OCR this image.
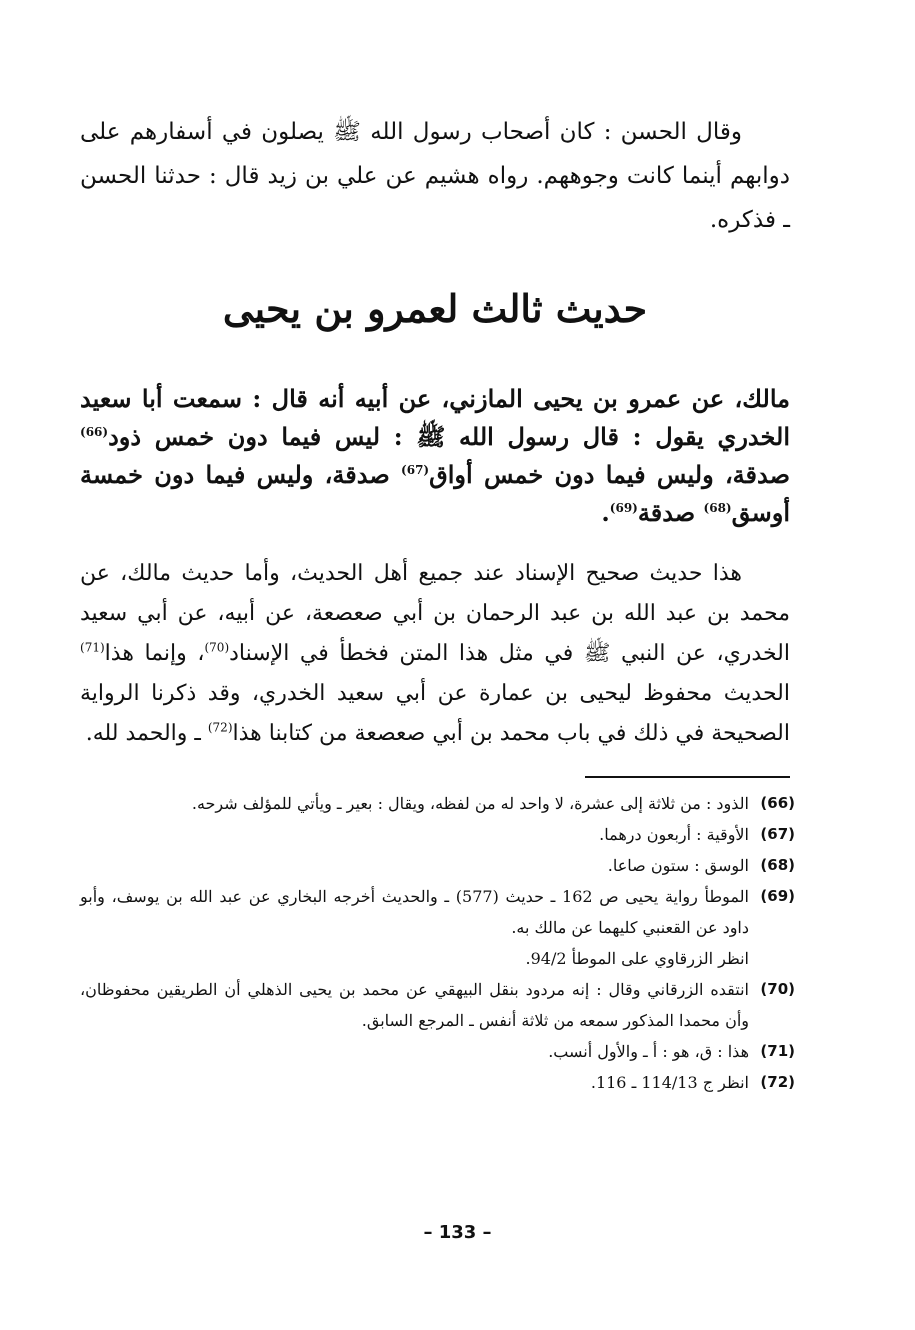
وقال الحسن : كان أصحاب رسول الله ﷺ يصلون في أسفارهم على دوابهم أينما كانت وجوههم. رواه هشيم عن علي بن زيد قال : حدثنا الحسن ـ فذكره.

حديث ثالث لعمرو بن يحيى

مالك، عن عمرو بن يحيى المازني، عن أبيه أنه قال : سمعت أبا سعيد الخدري يقول : قال رسول الله ﷺ : ليس فيما دون خمس ذود$^{(66)}$ صدقة، وليس فيما دون خمس أواق$^{(67)}$ صدقة، وليس فيما دون خمسة أوسق$^{(68)}$ صدقة$^{(69)}$.

هذا حديث صحيح الإسناد عند جميع أهل الحديث، وأما حديث مالك، عن محمد بن عبد الله بن عبد الرحمان بن أبي صعصعة، عن أبيه، عن أبي سعيد الخدري، عن النبي ﷺ في مثل هذا المتن فخطأ في الإسناد$^{(70)}$، وإنما هذا$^{(71)}$ الحديث محفوظ ليحيى بن عمارة عن أبي سعيد الخدري، وقد ذكرنا الرواية الصحيحة في ذلك في باب محمد بن أبي صعصعة من كتابنا هذا$^{(72)}$ ـ والحمد لله.

(66)
الذود : من ثلاثة إلى عشرة، لا واحد له من لفظه، ويقال : بعير ـ ويأتي للمؤلف شرحه.
(67)
الأوقية : أربعون درهما.
(68)
الوسق : ستون صاعا.
(69)
الموطأ رواية يحيى ص 162 ـ حديث (577) ـ والحديث أخرجه البخاري عن عبد الله بن يوسف، وأبو داود عن القعنبي كليهما عن مالك به.
انظر الزرقاوي على الموطأ 94/2.
(70)
انتقده الزرقاني وقال : إنه مردود بنقل البيهقي عن محمد بن يحيى الذهلي أن الطريقين محفوظان، وأن محمدا المذكور سمعه من ثلاثة أنفس ـ المرجع السابق.
(71)
هذا : ق، هو : أ ـ والأول أنسب.
(72)
انظر ج 114/13 ـ 116.
– 133 –
